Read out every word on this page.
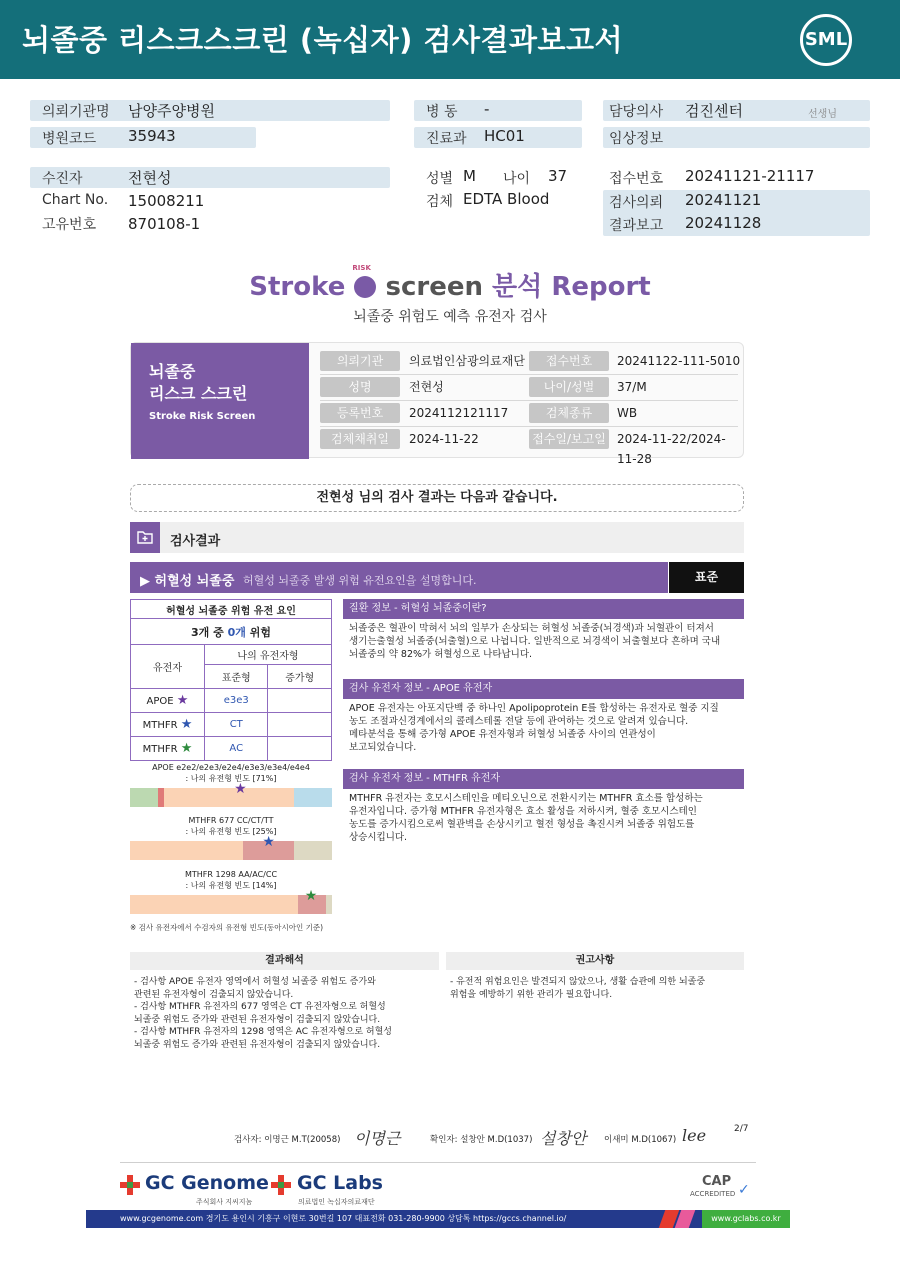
뇌졸중 리스크스크린 (녹십자) 검사결과보고서	SML
의뢰기관명 남양주양병원
병원코드 35943
수진자	전현성
Chart No. 15008211
고유번호 870108-1
병 동 -
진료과 HC01
성별 M 나이 37
검체 EDTA Blood
담당의사 검진센터	선생님
임상정보
접수번호 20241121-21117
검사의뢰 20241121
결과보고 20241128
Stroke
RISK
screen 분석 Report
뇌졸중 위험도 예측 유전자 검사
뇌졸중
리스크 스크린
Stroke Risk Screen
의뢰기관	의료법인삼광의료재단	접수번호	20241122-111-5010
성명	전현성	나이/성별	37/M
등록번호	2024112121117	검체종류	WB
검체채취일	2024-11-22	접수일/보고일 2024-11-22/2024-11-28
전현성 님의 검사 결과는 다음과 같습니다.
검사결과
▶ 허혈성 뇌졸중 허혈성 뇌졸중 발생 위험 유전요인을 설명합니다.	표준
허혈성 뇌졸중 위험 유전 요인		
3개 중 0개 위험		
유전자	나의 유전자형	
	표준형	증가형
APOE ★	e3e3	
MTHFR ★	CT	
MTHFR ★	AC	
APOE e2e2/e2e3/e2e4/e3e3/e3e4/e4e4
: 나의 유전형 빈도 [71%]
★
MTHFR 677 CC/CT/TT
: 나의 유전형 빈도 [25%]
★
MTHFR 1298 AA/AC/CC
: 나의 유전형 빈도 [14%]
★
※ 검사 유전자에서 수검자의 유전형 빈도(동아시아인 기준)
질환 정보 - 허혈성 뇌졸중이란?
뇌졸중은 혈관이 막혀서 뇌의 일부가 손상되는 허혈성 뇌졸중(뇌경색)과 뇌혈관이 터져서
생기는출혈성 뇌졸중(뇌출혈)으로 나뉩니다. 일반적으로 뇌경색이 뇌출혈보다 흔하며 국내
뇌졸중의 약 82%가 허혈성으로 나타납니다.
검사 유전자 정보 - APOE 유전자
APOE 유전자는 아포지단백 중 하나인 Apolipoprotein E를 합성하는 유전자로 혈중 지질
농도 조절과신경계에서의 콜레스테롤 전달 등에 관여하는 것으로 알려져 있습니다.
메타분석을 통해 증가형 APOE 유전자형과 허혈성 뇌졸중 사이의 연관성이
보고되었습니다.
검사 유전자 정보 - MTHFR 유전자
MTHFR 유전자는 호모시스테인을 메티오닌으로 전환시키는 MTHFR 효소를 합성하는
유전자입니다. 증가형 MTHFR 유전자형은 효소 활성을 저하시켜, 혈중 호모시스테인
농도를 증가시킴으로써 혈관벽을 손상시키고 혈전 형성을 촉진시켜 뇌졸중 위험도를
상승시킵니다.
결과해석
- 검사항 APOE 유전자 영역에서 허혈성 뇌졸중 위험도 증가와
관련된 유전자형이 검출되지 않았습니다.
- 검사항 MTHFR 유전자의 677 영역은 CT 유전자형으로 허혈성
뇌졸중 위험도 증가와 관련된 유전자형이 검출되지 않았습니다.
- 검사항 MTHFR 유전자의 1298 영역은 AC 유전자형으로 허혈성
뇌졸중 위험도 증가와 관련된 유전자형이 검출되지 않았습니다.
권고사항
- 유전적 위험요인은 발견되지 않았으나, 생활 습관에 의한 뇌졸중
위험을 예방하기 위한 관리가 필요합니다.
검사자: 이명근 M.T(20058) 이명근	확인자: 설창안 M.D(1037) 설창안 이새미 M.D(1067) lee	2/7
GC Genome
주식회사 지씨지놈
GC Labs
의료법인 녹십자의료재단
CAP
ACCREDITED ✓
www.gcgenome.com 경기도 용인시 기흥구 이현로 30번길 107 대표전화 031-280-9900 상담톡 https://gccs.channel.io/	www.gclabs.co.kr
